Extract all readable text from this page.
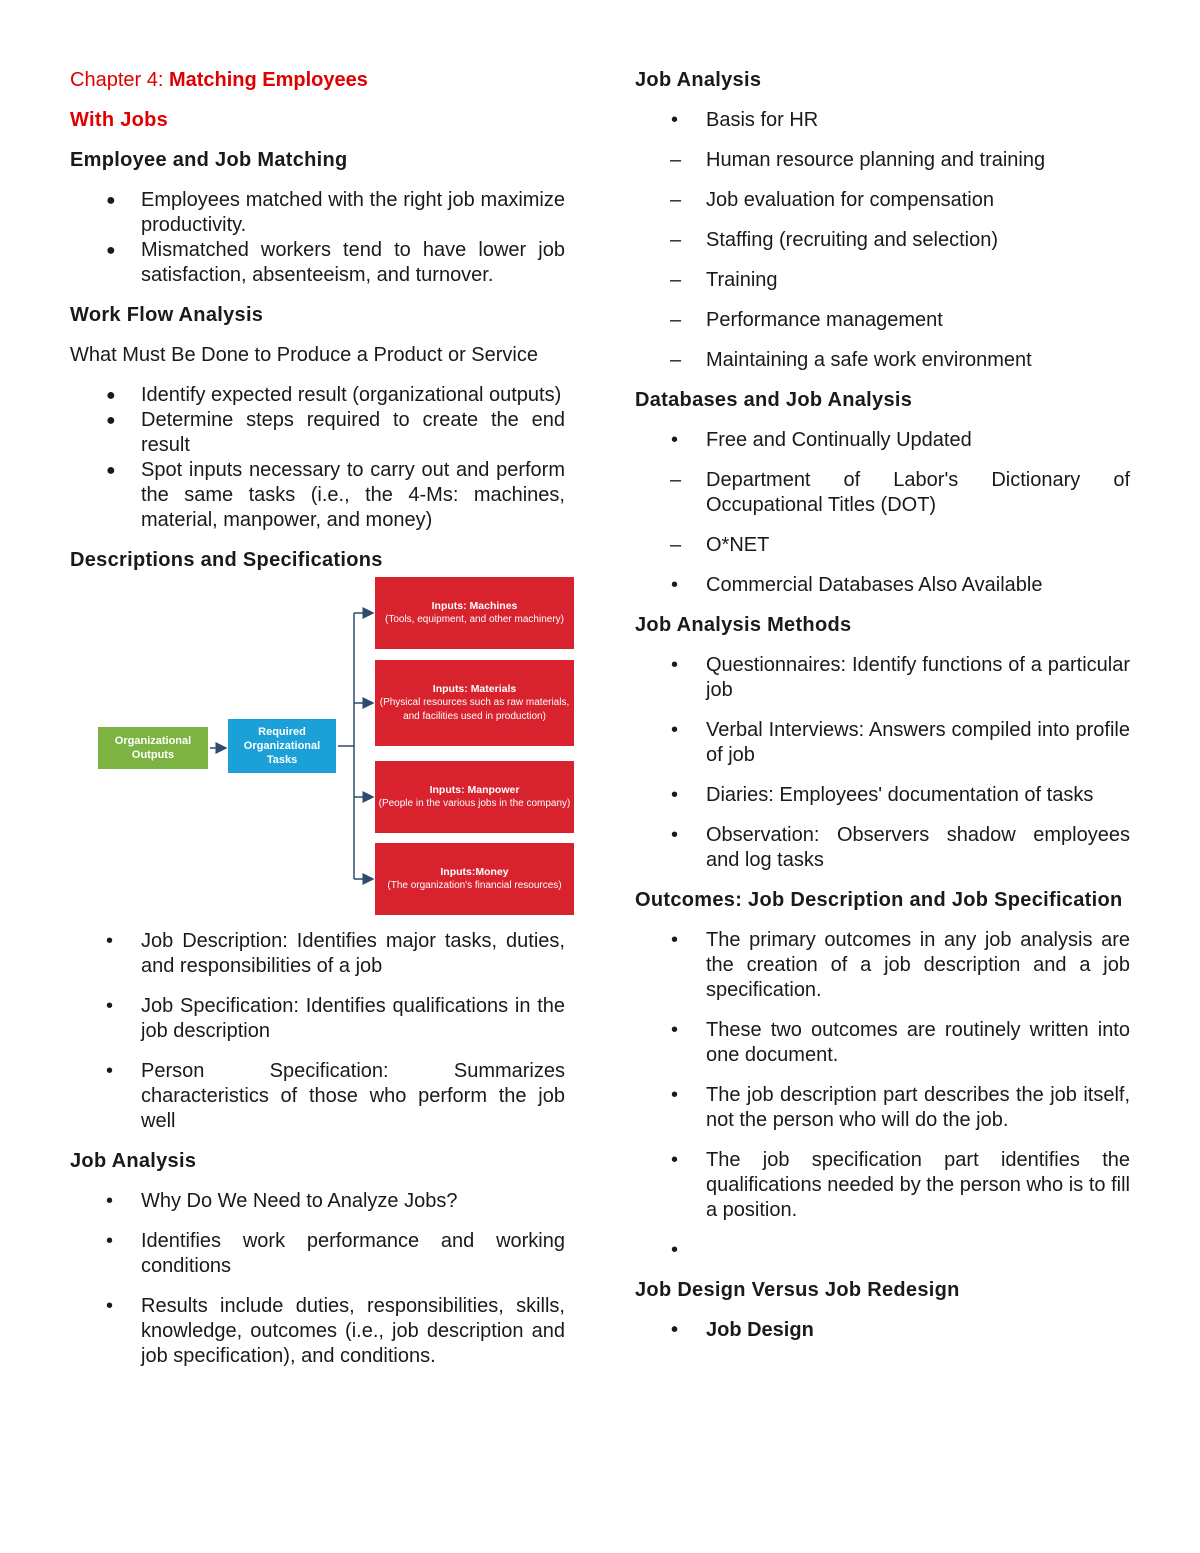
Chapter 4: Matching Employees
With Jobs
Employee and Job Matching
● Employees matched with the right job maximize productivity.
● Mismatched workers tend to have lower job satisfaction, absenteeism, and turnover.
Work Flow Analysis
What Must Be Done to Produce a Product or Service
● Identify expected result (organizational outputs)
● Determine steps required to create the end result
● Spot inputs necessary to carry out and perform the same tasks (i.e., the 4-Ms: machines, material, manpower, and money)
Descriptions and Specifications
Organizational Outputs
Required Organizational Tasks
Inputs: Machines
(Tools, equipment, and other machinery)
Inputs: Materials
(Physical resources such as raw materials, and facilities used in production)
Inputs: Manpower
(People in the various jobs in the company)
Inputs:Money
(The organization's financial resources)
• Job Description: Identifies major tasks, duties, and responsibilities of a job
• Job Specification: Identifies qualifications in the job description
• Person Specification: Summarizes characteristics of those who perform the job well
Job Analysis
• Why Do We Need to Analyze Jobs?
• Identifies work performance and working conditions
• Results include duties, responsibilities, skills, knowledge, outcomes (i.e., job description and job specification), and conditions.
Job Analysis
• Basis for HR
– Human resource planning and training
– Job evaluation for compensation
– Staffing (recruiting and selection)
– Training
– Performance management
– Maintaining a safe work environment
Databases and Job Analysis
• Free and Continually Updated
– Department of Labor's Dictionary of Occupational Titles (DOT)
– O*NET
• Commercial Databases Also Available
Job Analysis Methods
• Questionnaires: Identify functions of a particular job
• Verbal Interviews: Answers compiled into profile of job
• Diaries: Employees' documentation of tasks
• Observation: Observers shadow employees and log tasks
Outcomes: Job Description and Job Specification
• The primary outcomes in any job analysis are the creation of a job description and a job specification.
• These two outcomes are routinely written into one document.
• The job description part describes the job itself, not the person who will do the job.
• The job specification part identifies the qualifications needed by the person who is to fill a position.
•
Job Design Versus Job Redesign
• Job Design
